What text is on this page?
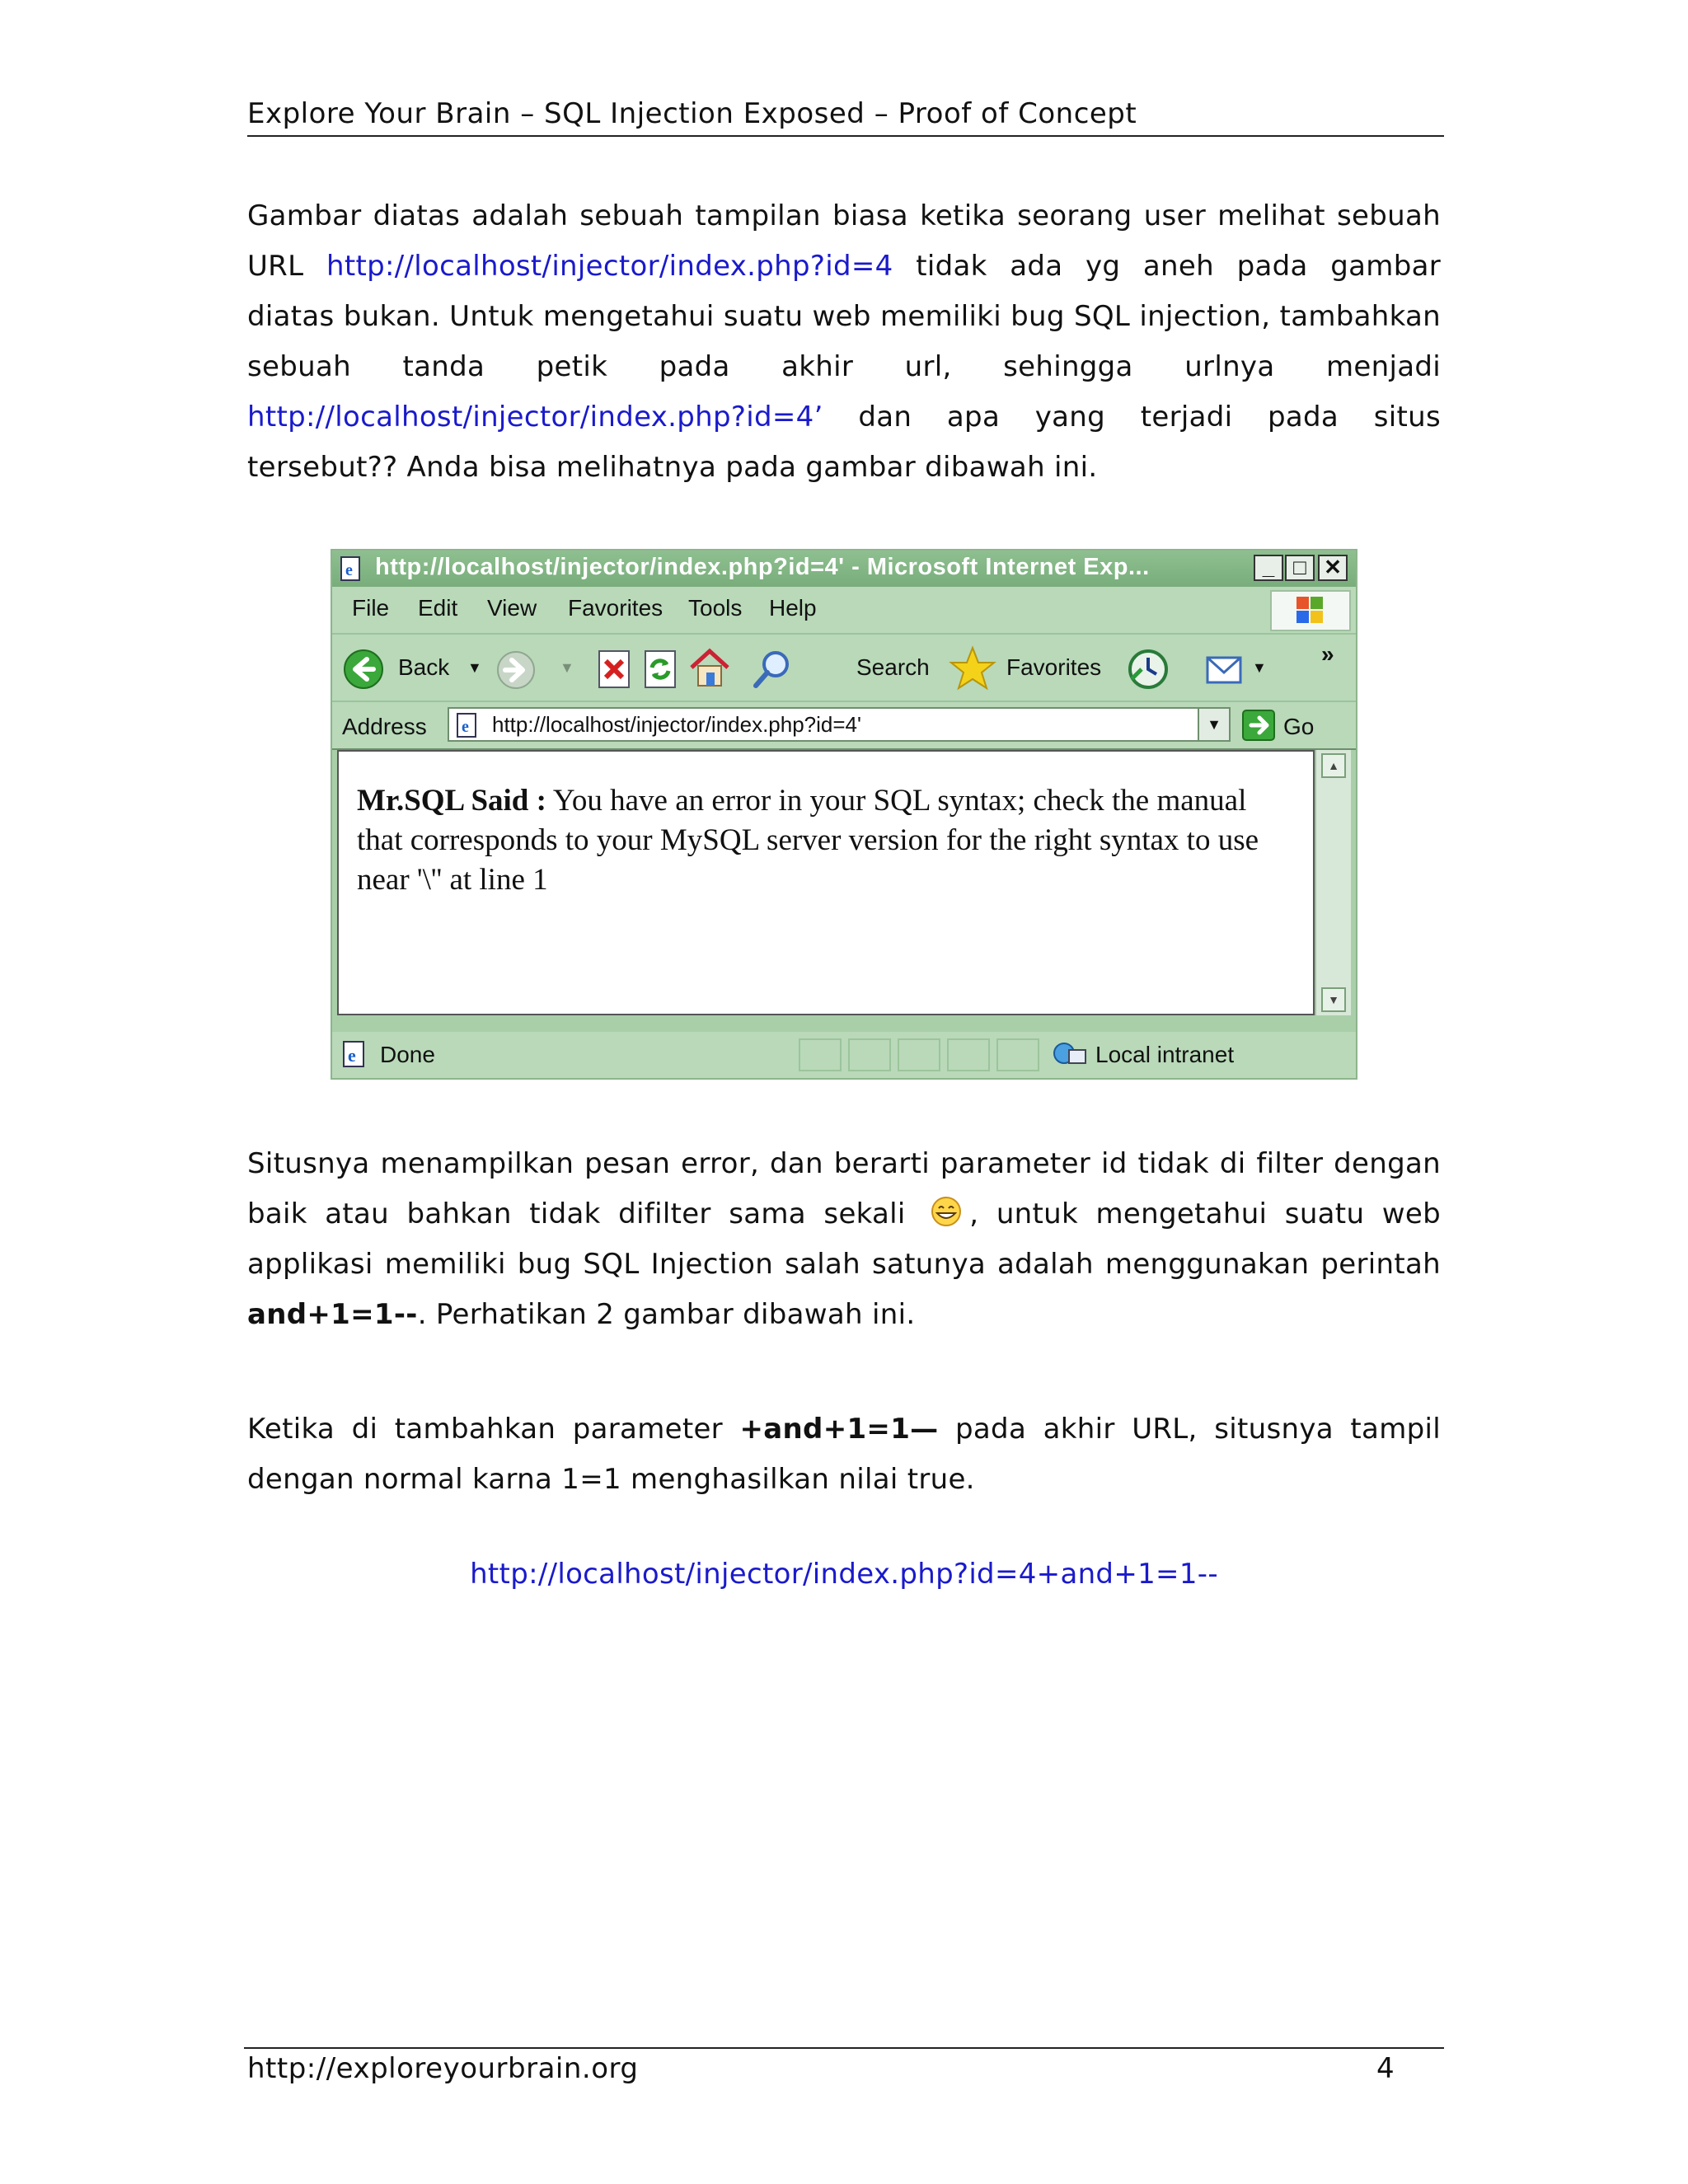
Explore Your Brain – SQL Injection Exposed – Proof of Concept
Gambar diatas adalah sebuah tampilan biasa ketika seorang user melihat sebuah URL http://localhost/injector/index.php?id=4 tidak ada yg aneh pada gambar diatas bukan. Untuk mengetahui suatu web memiliki bug SQL injection, tambahkan sebuah tanda petik pada akhir url, sehingga urlnya menjadi http://localhost/injector/index.php?id=4’ dan apa yang terjadi pada situs tersebut?? Anda bisa melihatnya pada gambar dibawah ini.
e http://localhost/injector/index.php?id=4' - Microsoft Internet Exp...	_ □ ✕
File Edit View Favorites Tools Help
Back ▼	▼	Search	Favorites	▼
»
Address e http://localhost/injector/index.php?id=4'	▼	Go
Mr.SQL Said : You have an error in your SQL syntax; check the manual that corresponds to your MySQL server version for the right syntax to use near '\'' at line 1
▲
▼
e Done	Local intranet
Situsnya menampilkan pesan error, dan berarti parameter id tidak di filter dengan baik atau bahkan tidak difilter sama sekali , untuk mengetahui suatu web applikasi memiliki bug SQL Injection salah satunya adalah menggunakan perintah and+1=1--. Perhatikan 2 gambar dibawah ini.
Ketika di tambahkan parameter +and+1=1— pada akhir URL, situsnya tampil dengan normal karna 1=1 menghasilkan nilai true.
http://localhost/injector/index.php?id=4+and+1=1--
http://exploreyourbrain.org	4
